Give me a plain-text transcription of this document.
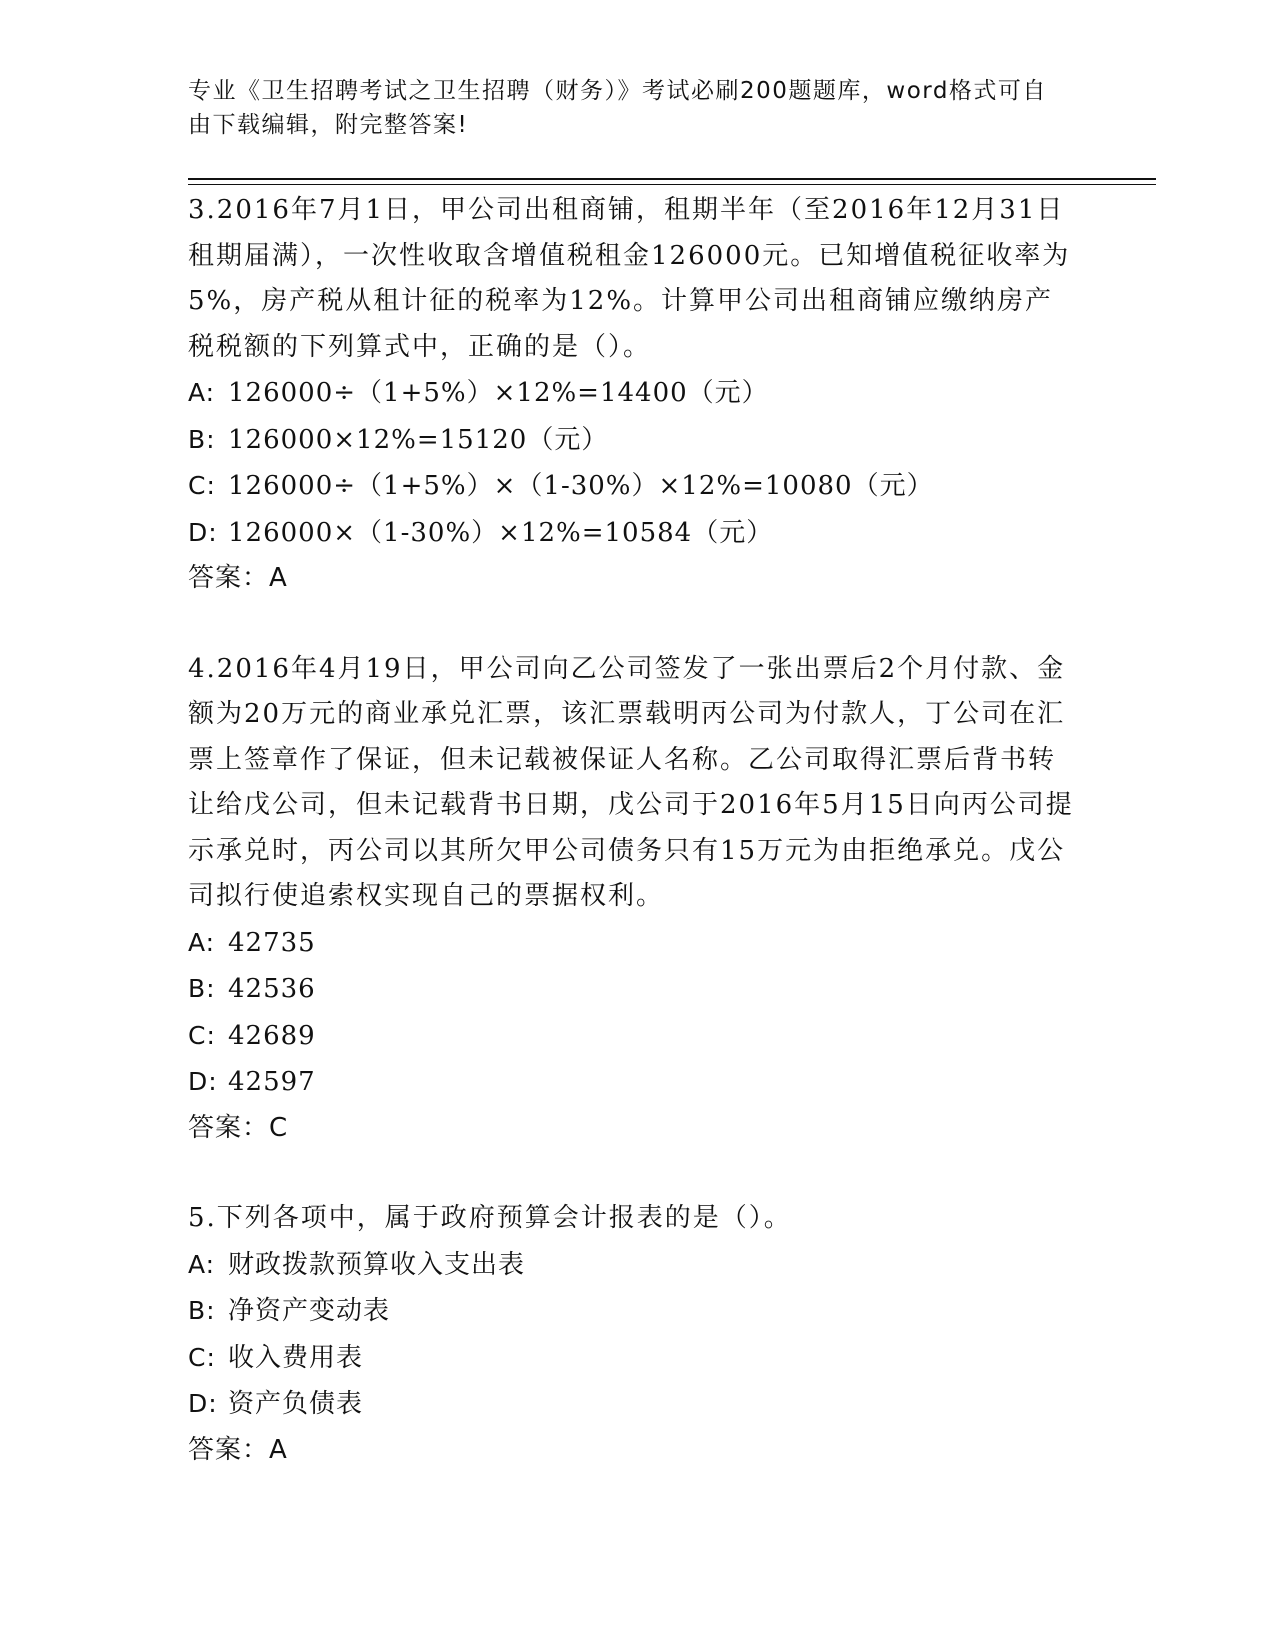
专业《卫生招聘考试之卫生招聘（财务）》考试必刷200题题库，word格式可自由下载编辑，附完整答案!

3.2016年7月1日，甲公司出租商铺，租期半年（至2016年12月31日租期届满），一次性收取含增值税租金126000元。已知增值税征收率为5%，房产税从租计征的税率为12%。计算甲公司出租商铺应缴纳房产税税额的下列算式中，正确的是（）。

A: 126000÷（1+5%）×12%=14400（元）

B: 126000×12%=15120（元）

C: 126000÷（1+5%）×（1-30%）×12%=10080（元）

D: 126000×（1-30%）×12%=10584（元）

答案：A

4.2016年4月19日，甲公司向乙公司签发了一张出票后2个月付款、金额为20万元的商业承兑汇票，该汇票载明丙公司为付款人，丁公司在汇票上签章作了保证，但未记载被保证人名称。乙公司取得汇票后背书转让给戊公司，但未记载背书日期，戊公司于2016年5月15日向丙公司提示承兑时，丙公司以其所欠甲公司债务只有15万元为由拒绝承兑。戊公司拟行使追索权实现自己的票据权利。

A: 42735

B: 42536

C: 42689

D: 42597

答案：C

5.下列各项中，属于政府预算会计报表的是（）。

A: 财政拨款预算收入支出表

B: 净资产变动表

C: 收入费用表

D: 资产负债表

答案：A
